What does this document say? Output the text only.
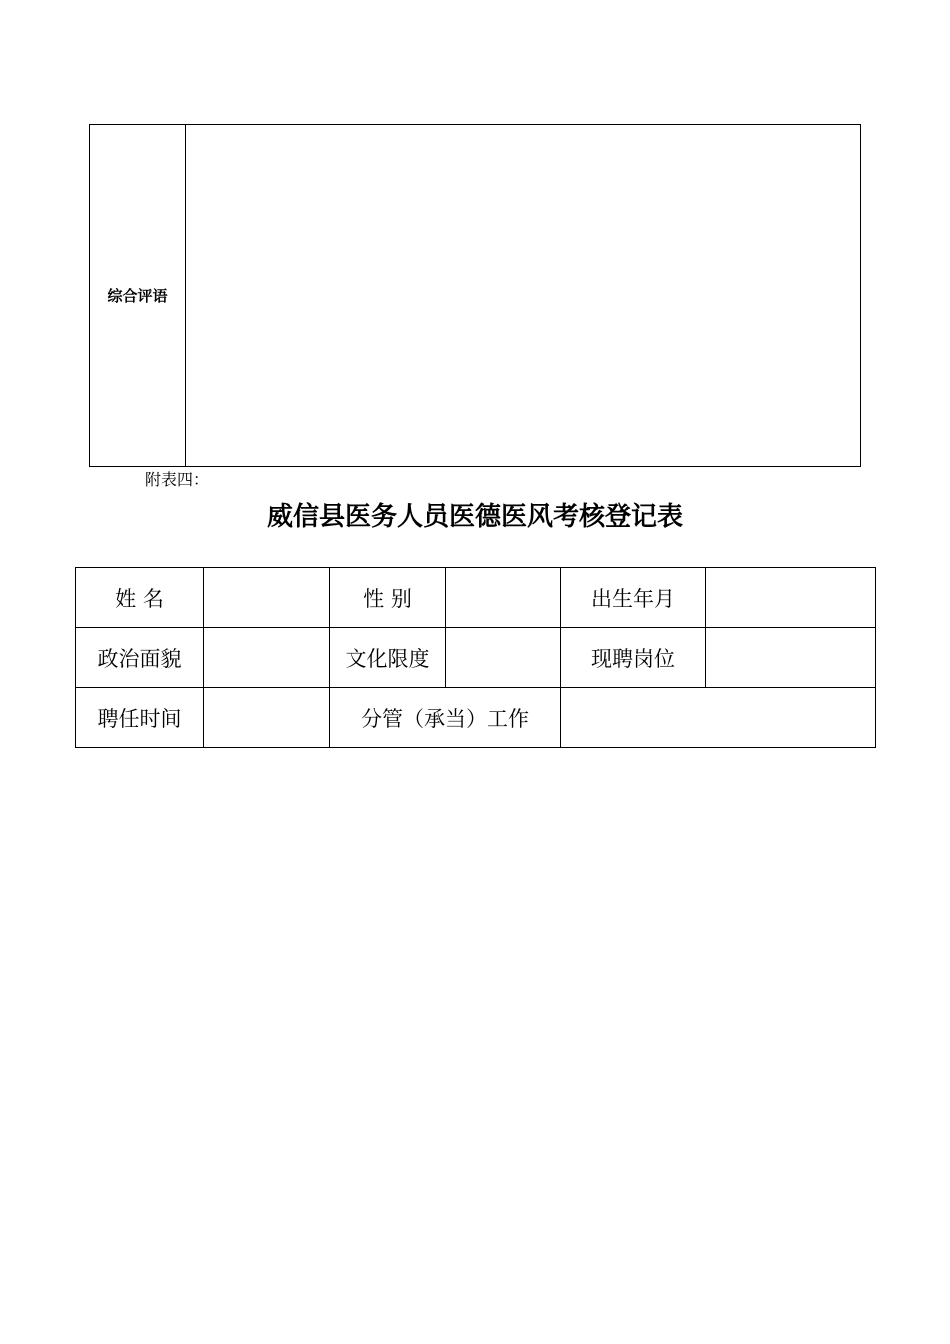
综合评语	
附表四：
威信县医务人员医德医风考核登记表
姓 名		性 别		出生年月	
政治面貌		文化限度		现聘岗位	
聘任时间		分管（承当）工作			
